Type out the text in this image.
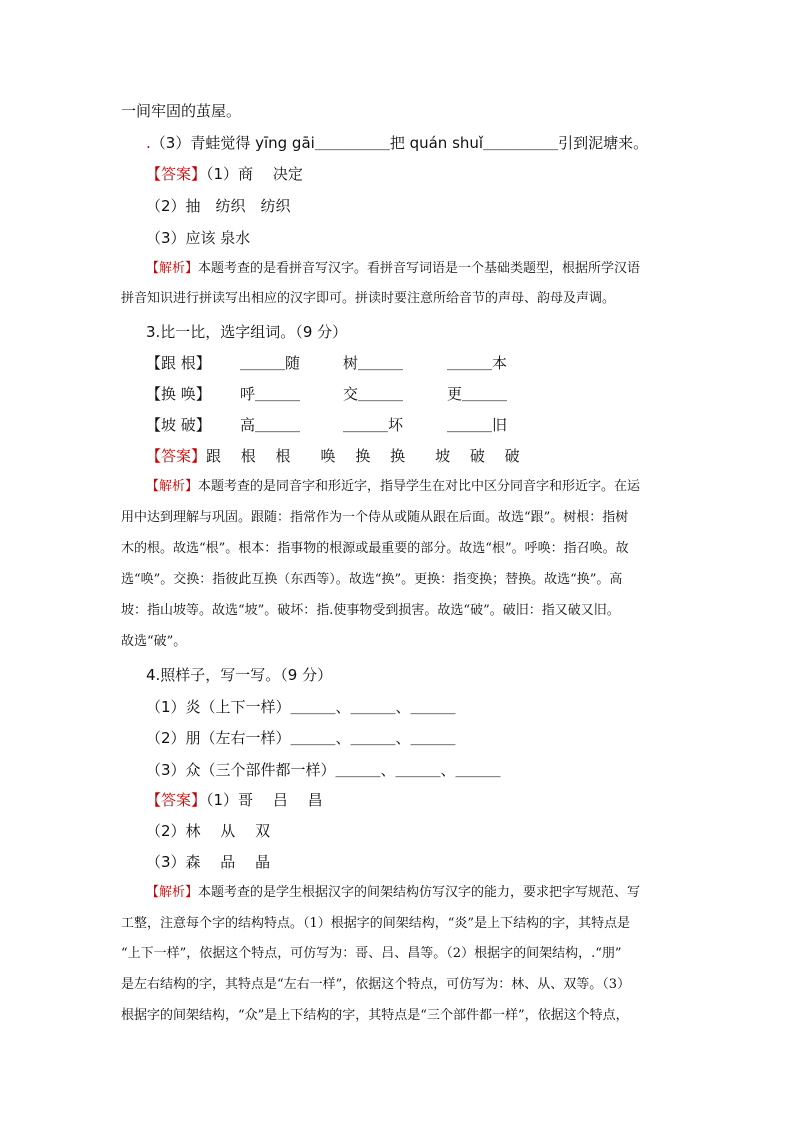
一间牢固的茧屋。
.（3）青蛙觉得 yīng gāi＿＿＿＿＿把 quán shuǐ＿＿＿＿＿引到泥塘来。
【答案】（1）商　 决定
（2）抽　纺织　纺织
（3）应该 泉水
【解析】本题考查的是看拼音写汉字。看拼音写词语是一个基础类题型，根据所学汉语
拼音知识进行拼读写出相应的汉字即可。拼读时要注意所给音节的声母、韵母及声调。
3.比一比，选字组词。（9 分）
【跟 根】 ＿＿＿随	树＿＿＿	＿＿＿本
【换 唤】 呼＿＿＿	交＿＿＿	更＿＿＿
【坡 破】 高＿＿＿	＿＿＿坏	＿＿＿旧
【答案】跟　 根　 根　　唤　 换　 换　　坡　 破　 破
【解析】本题考查的是同音字和形近字，指导学生在对比中区分同音字和形近字。在运
用中达到理解与巩固。跟随：指常作为一个侍从或随从跟在后面。故选“跟”。树根：指树
木的根。故选“根”。根本：指事物的根源或最重要的部分。故选“根”。呼唤：指召唤。故
选“唤”。交换：指彼此互换（东西等）。故选“换”。更换：指变换；替换。故选“换”。高
坡：指山坡等。故选“坡”。破坏：指.使事物受到损害。故选“破”。破旧：指又破又旧。
故选“破”。
4.照样子，写一写。（9 分）
（1）炎（上下一样）＿＿＿、＿＿＿、＿＿＿
（2）朋（左右一样）＿＿＿、＿＿＿、＿＿＿
（3）众（三个部件都一样）＿＿＿、＿＿＿、＿＿＿
【答案】（1）哥　 吕　 昌
（2）林　 从　 双
（3）森　 品　 晶
【解析】本题考查的是学生根据汉字的间架结构仿写汉字的能力，要求把字写规范、写
工整，注意每个字的结构特点。（1）根据字的间架结构，“炎”是上下结构的字，其特点是
“上下一样”，依据这个特点，可仿写为：哥、吕、昌等。（2）根据字的间架结构，.“朋”
是左右结构的字，其特点是“左右一样”，依据这个特点，可仿写为：林、从、双等。（3）
根据字的间架结构，“众”是上下结构的字，其特点是“三个部件都一样”，依据这个特点，
